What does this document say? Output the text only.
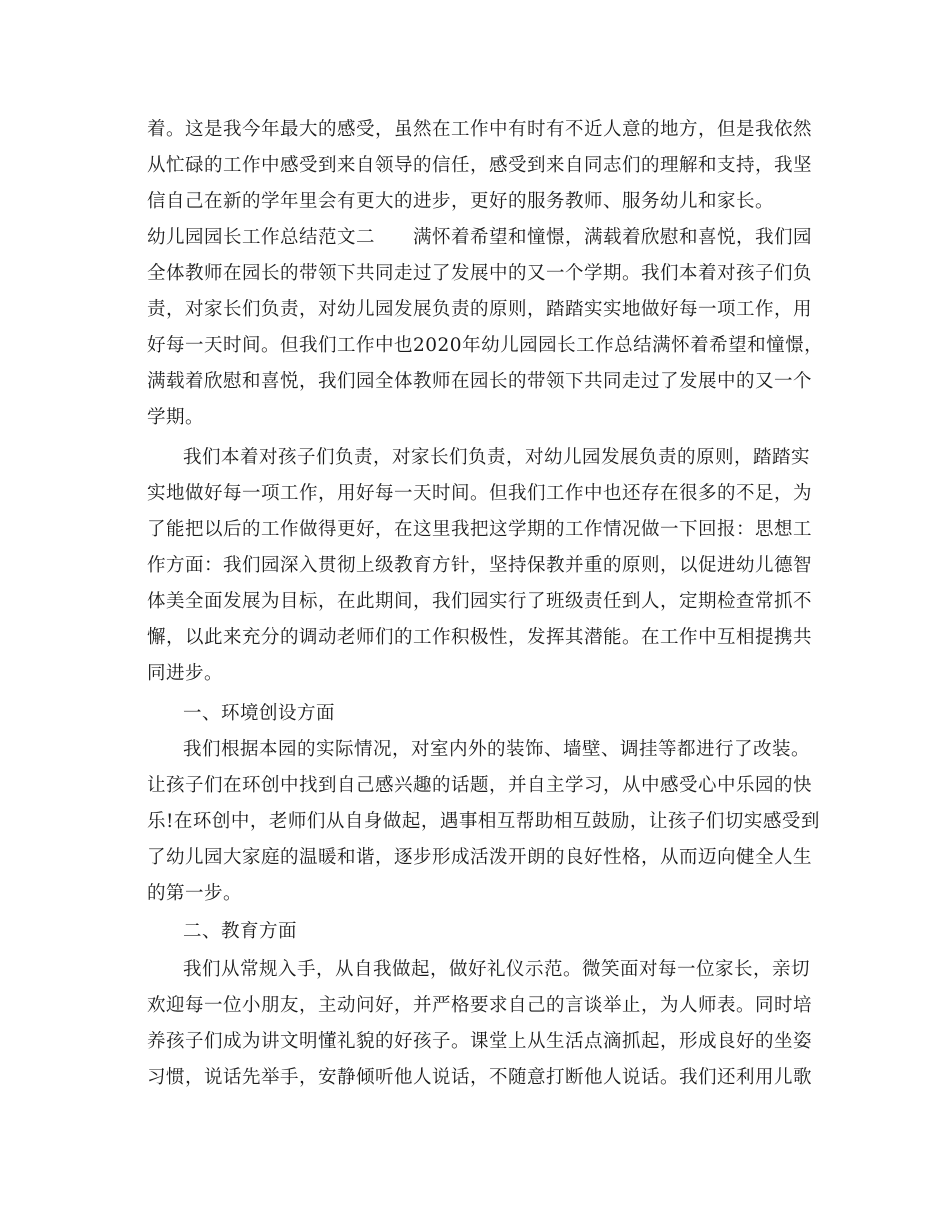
着。这是我今年最大的感受，虽然在工作中有时有不近人意的地方，但是我依然
从忙碌的工作中感受到来自领导的信任，感受到来自同志们的理解和支持，我坚
信自己在新的学年里会有更大的进步，更好的服务教师、服务幼儿和家长。
幼儿园园长工作总结范文二　　满怀着希望和憧憬，满载着欣慰和喜悦，我们园
全体教师在园长的带领下共同走过了发展中的又一个学期。我们本着对孩子们负
责，对家长们负责，对幼儿园发展负责的原则，踏踏实实地做好每一项工作，用
好每一天时间。但我们工作中也2020年幼儿园园长工作总结满怀着希望和憧憬，
满载着欣慰和喜悦，我们园全体教师在园长的带领下共同走过了发展中的又一个
学期。
我们本着对孩子们负责，对家长们负责，对幼儿园发展负责的原则，踏踏实
实地做好每一项工作，用好每一天时间。但我们工作中也还存在很多的不足，为
了能把以后的工作做得更好，在这里我把这学期的工作情况做一下回报：思想工
作方面：我们园深入贯彻上级教育方针，坚持保教并重的原则，以促进幼儿德智
体美全面发展为目标，在此期间，我们园实行了班级责任到人，定期检查常抓不
懈，以此来充分的调动老师们的工作积极性，发挥其潜能。在工作中互相提携共
同进步。
一、环境创设方面
我们根据本园的实际情况，对室内外的装饰、墙壁、调挂等都进行了改装。
让孩子们在环创中找到自己感兴趣的话题，并自主学习，从中感受心中乐园的快
乐!在环创中，老师们从自身做起，遇事相互帮助相互鼓励，让孩子们切实感受到
了幼儿园大家庭的温暖和谐，逐步形成活泼开朗的良好性格，从而迈向健全人生
的第一步。
二、教育方面
我们从常规入手，从自我做起，做好礼仪示范。微笑面对每一位家长，亲切
欢迎每一位小朋友，主动问好，并严格要求自己的言谈举止，为人师表。同时培
养孩子们成为讲文明懂礼貌的好孩子。课堂上从生活点滴抓起，形成良好的坐姿
习惯，说话先举手，安静倾听他人说话，不随意打断他人说话。我们还利用儿歌
